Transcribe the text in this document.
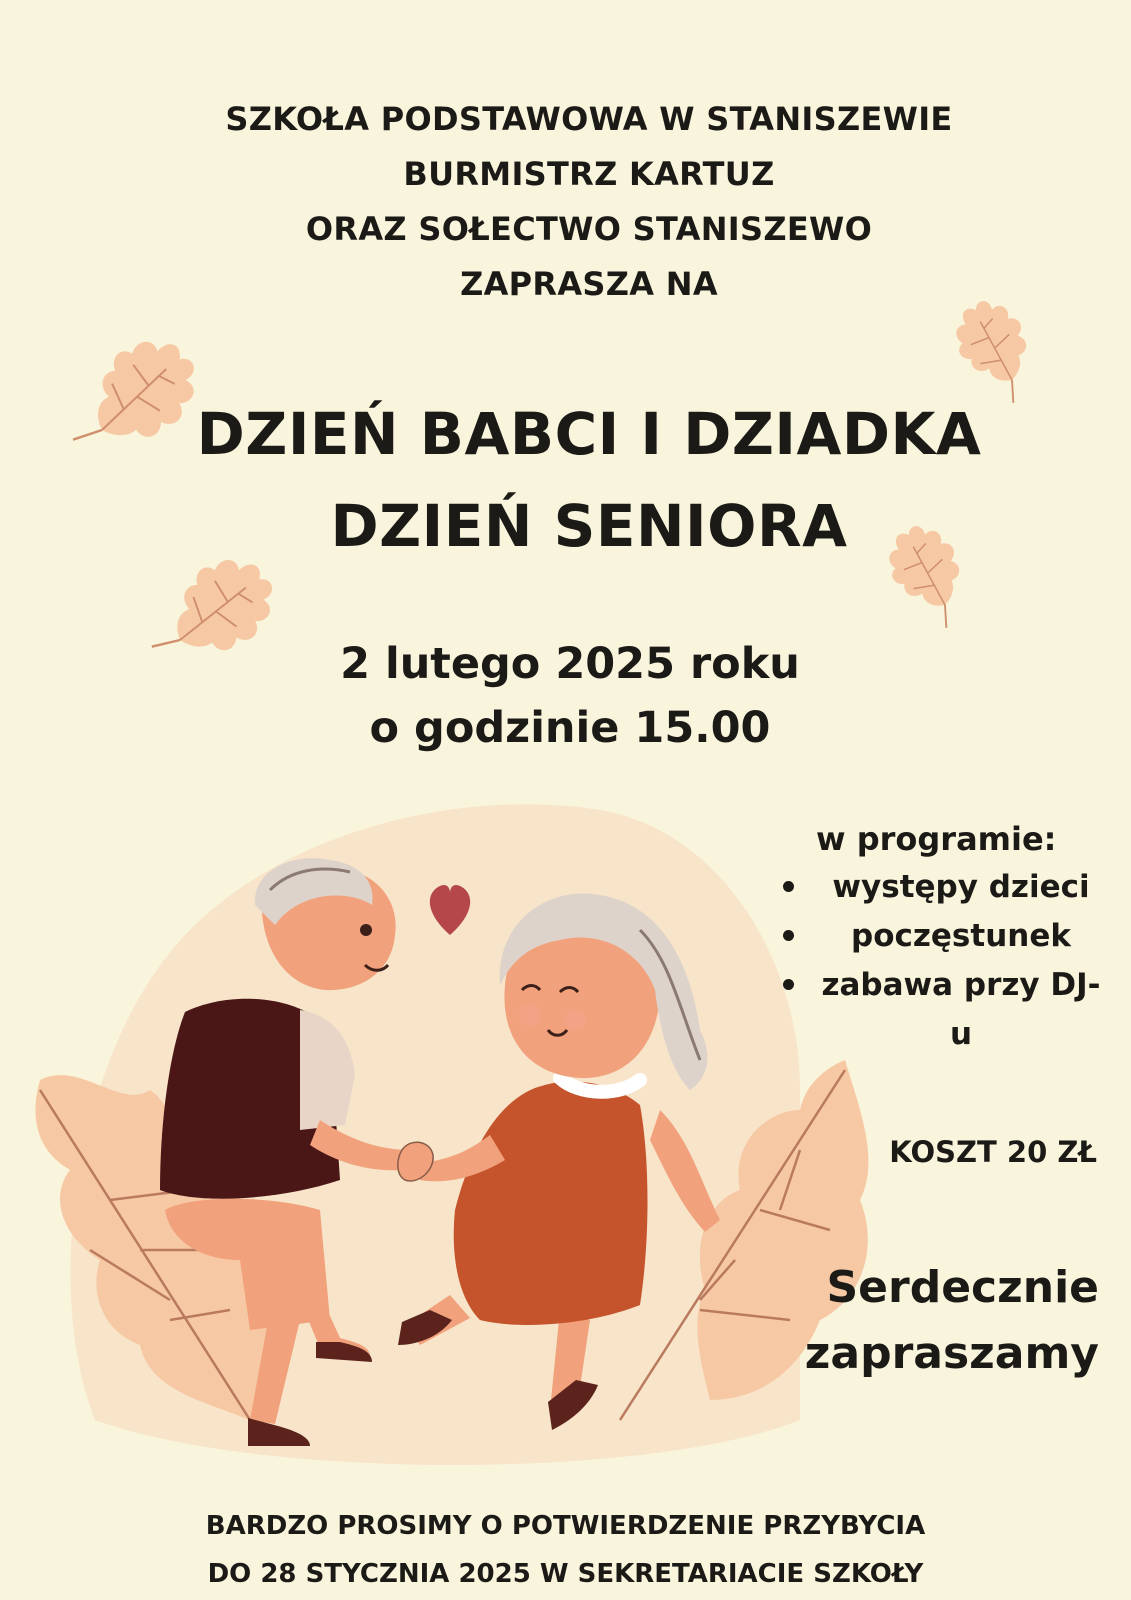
SZKOŁA PODSTAWOWA W STANISZEWIE
BURMISTRZ KARTUZ
ORAZ SOŁECTWO STANISZEWO
ZAPRASZA NA
DZIEŃ BABCI I DZIADKA
DZIEŃ SENIORA
2 lutego 2025 roku
o godzinie 15.00
w programie:
występy dzieci
poczęstunek
zabawa przy DJ-u
KOSZT 20 ZŁ
Serdecznie
zapraszamy
BARDZO PROSIMY O POTWIERDZENIE PRZYBYCIA
DO 28 STYCZNIA 2025 W SEKRETARIACIE SZKOŁY
